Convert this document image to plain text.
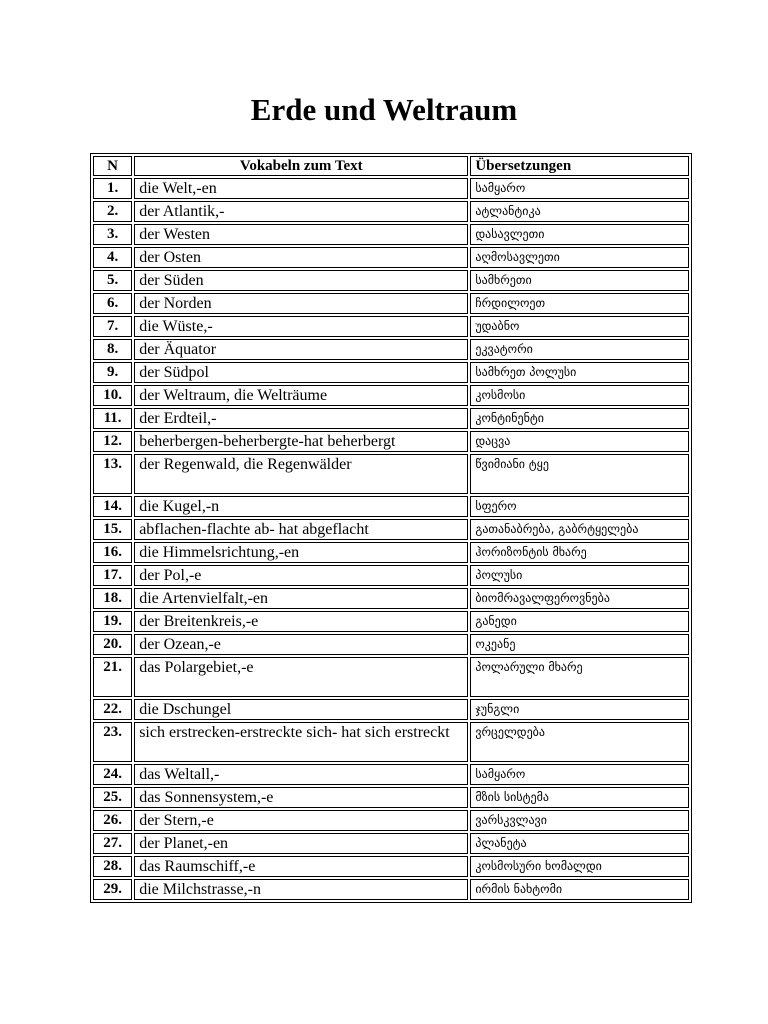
Erde und Weltraum
N	Vokabeln zum Text	Übersetzungen
1.	die Welt,-en	სამყარო
2.	der Atlantik,-	ატლანტიკა
3.	der Westen	დასავლეთი
4.	der Osten	აღმოსავლეთი
5.	der Süden	სამხრეთი
6.	der Norden	ჩრდილოეთ
7.	die Wüste,-	უდაბნო
8.	der Äquator	ეკვატორი
9.	der Südpol	სამხრეთ პოლუსი
10.	der Weltraum, die Welträume	კოსმოსი
11.	der Erdteil,-	კონტინენტი
12.	beherbergen-beherbergte-hat beherbergt	დაცვა
13.	der Regenwald, die Regenwälder	წვიმიანი ტყე
14.	die Kugel,-n	სფერო
15.	abflachen-flachte ab- hat abgeflacht	გათანაბრება, გაბრტყელება
16.	die Himmelsrichtung,-en	ჰორიზონტის მხარე
17.	der Pol,-e	პოლუსი
18.	die Artenvielfalt,-en	ბიომრავალფეროვნება
19.	der Breitenkreis,-e	განედი
20.	der Ozean,-e	ოკეანე
21.	das Polargebiet,-e	პოლარული მხარე
22.	die Dschungel	ჯუნგლი
23.	sich erstrecken-erstreckte sich- hat sich erstreckt	ვრცელდება
24.	das Weltall,-	სამყარო
25.	das Sonnensystem,-e	მზის სისტემა
26.	der Stern,-e	ვარსკვლავი
27.	der Planet,-en	პლანეტა
28.	das Raumschiff,-e	კოსმოსური ხომალდი
29.	die Milchstrasse,-n	ირმის ნახტომი
